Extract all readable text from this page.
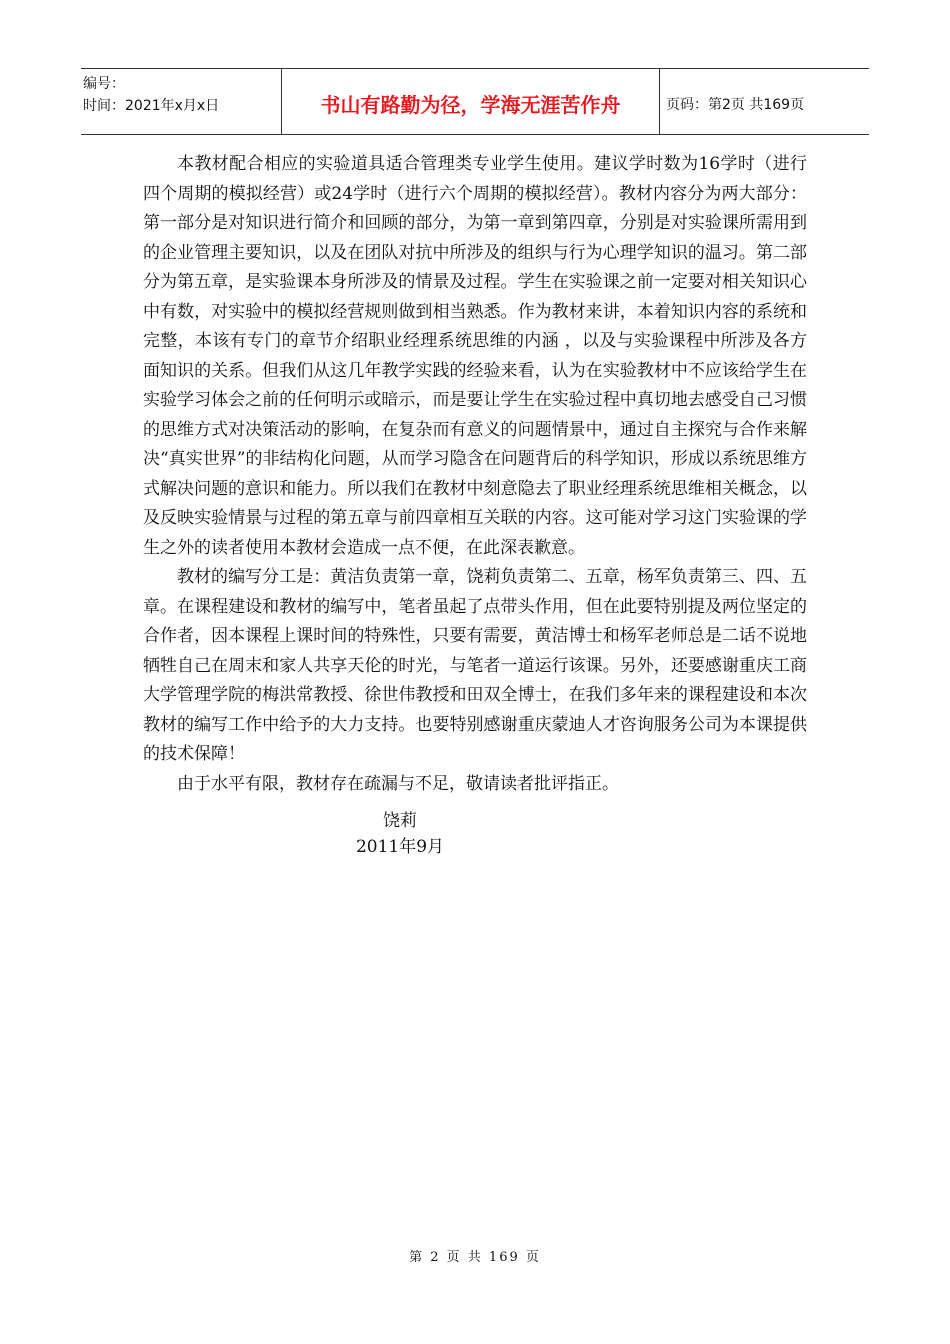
编号：
时间：2021年x月x日	书山有路勤为径，学海无涯苦作舟	页码：第2页 共169页

本教材配合相应的实验道具适合管理类专业学生使用。建议学时数为16学时（进行四个周期的模拟经营）或24学时（进行六个周期的模拟经营）。教材内容分为两大部分：第一部分是对知识进行简介和回顾的部分，为第一章到第四章，分别是对实验课所需用到的企业管理主要知识，以及在团队对抗中所涉及的组织与行为心理学知识的温习。第二部分为第五章，是实验课本身所涉及的情景及过程。学生在实验课之前一定要对相关知识心中有数，对实验中的模拟经营规则做到相当熟悉。作为教材来讲，本着知识内容的系统和完整，本该有专门的章节介绍职业经理系统思维的内涵 ，以及与实验课程中所涉及各方面知识的关系。但我们从这几年教学实践的经验来看，认为在实验教材中不应该给学生在实验学习体会之前的任何明示或暗示，而是要让学生在实验过程中真切地去感受自己习惯的思维方式对决策活动的影响，在复杂而有意义的问题情景中，通过自主探究与合作来解决“真实世界”的非结构化问题，从而学习隐含在问题背后的科学知识，形成以系统思维方式解决问题的意识和能力。所以我们在教材中刻意隐去了职业经理系统思维相关概念，以及反映实验情景与过程的第五章与前四章相互关联的内容。这可能对学习这门实验课的学生之外的读者使用本教材会造成一点不便，在此深表歉意。

教材的编写分工是：黄洁负责第一章，饶莉负责第二、五章，杨军负责第三、四、五章。在课程建设和教材的编写中，笔者虽起了点带头作用，但在此要特别提及两位坚定的合作者，因本课程上课时间的特殊性，只要有需要，黄洁博士和杨军老师总是二话不说地牺牲自己在周末和家人共享天伦的时光，与笔者一道运行该课。另外，还要感谢重庆工商大学管理学院的梅洪常教授、徐世伟教授和田双全博士，在我们多年来的课程建设和本次教材的编写工作中给予的大力支持。也要特别感谢重庆蒙迪人才咨询服务公司为本课提供的技术保障！

由于水平有限，教材存在疏漏与不足，敬请读者批评指正。

饶莉
2011年9月
第 2 页 共 169 页
